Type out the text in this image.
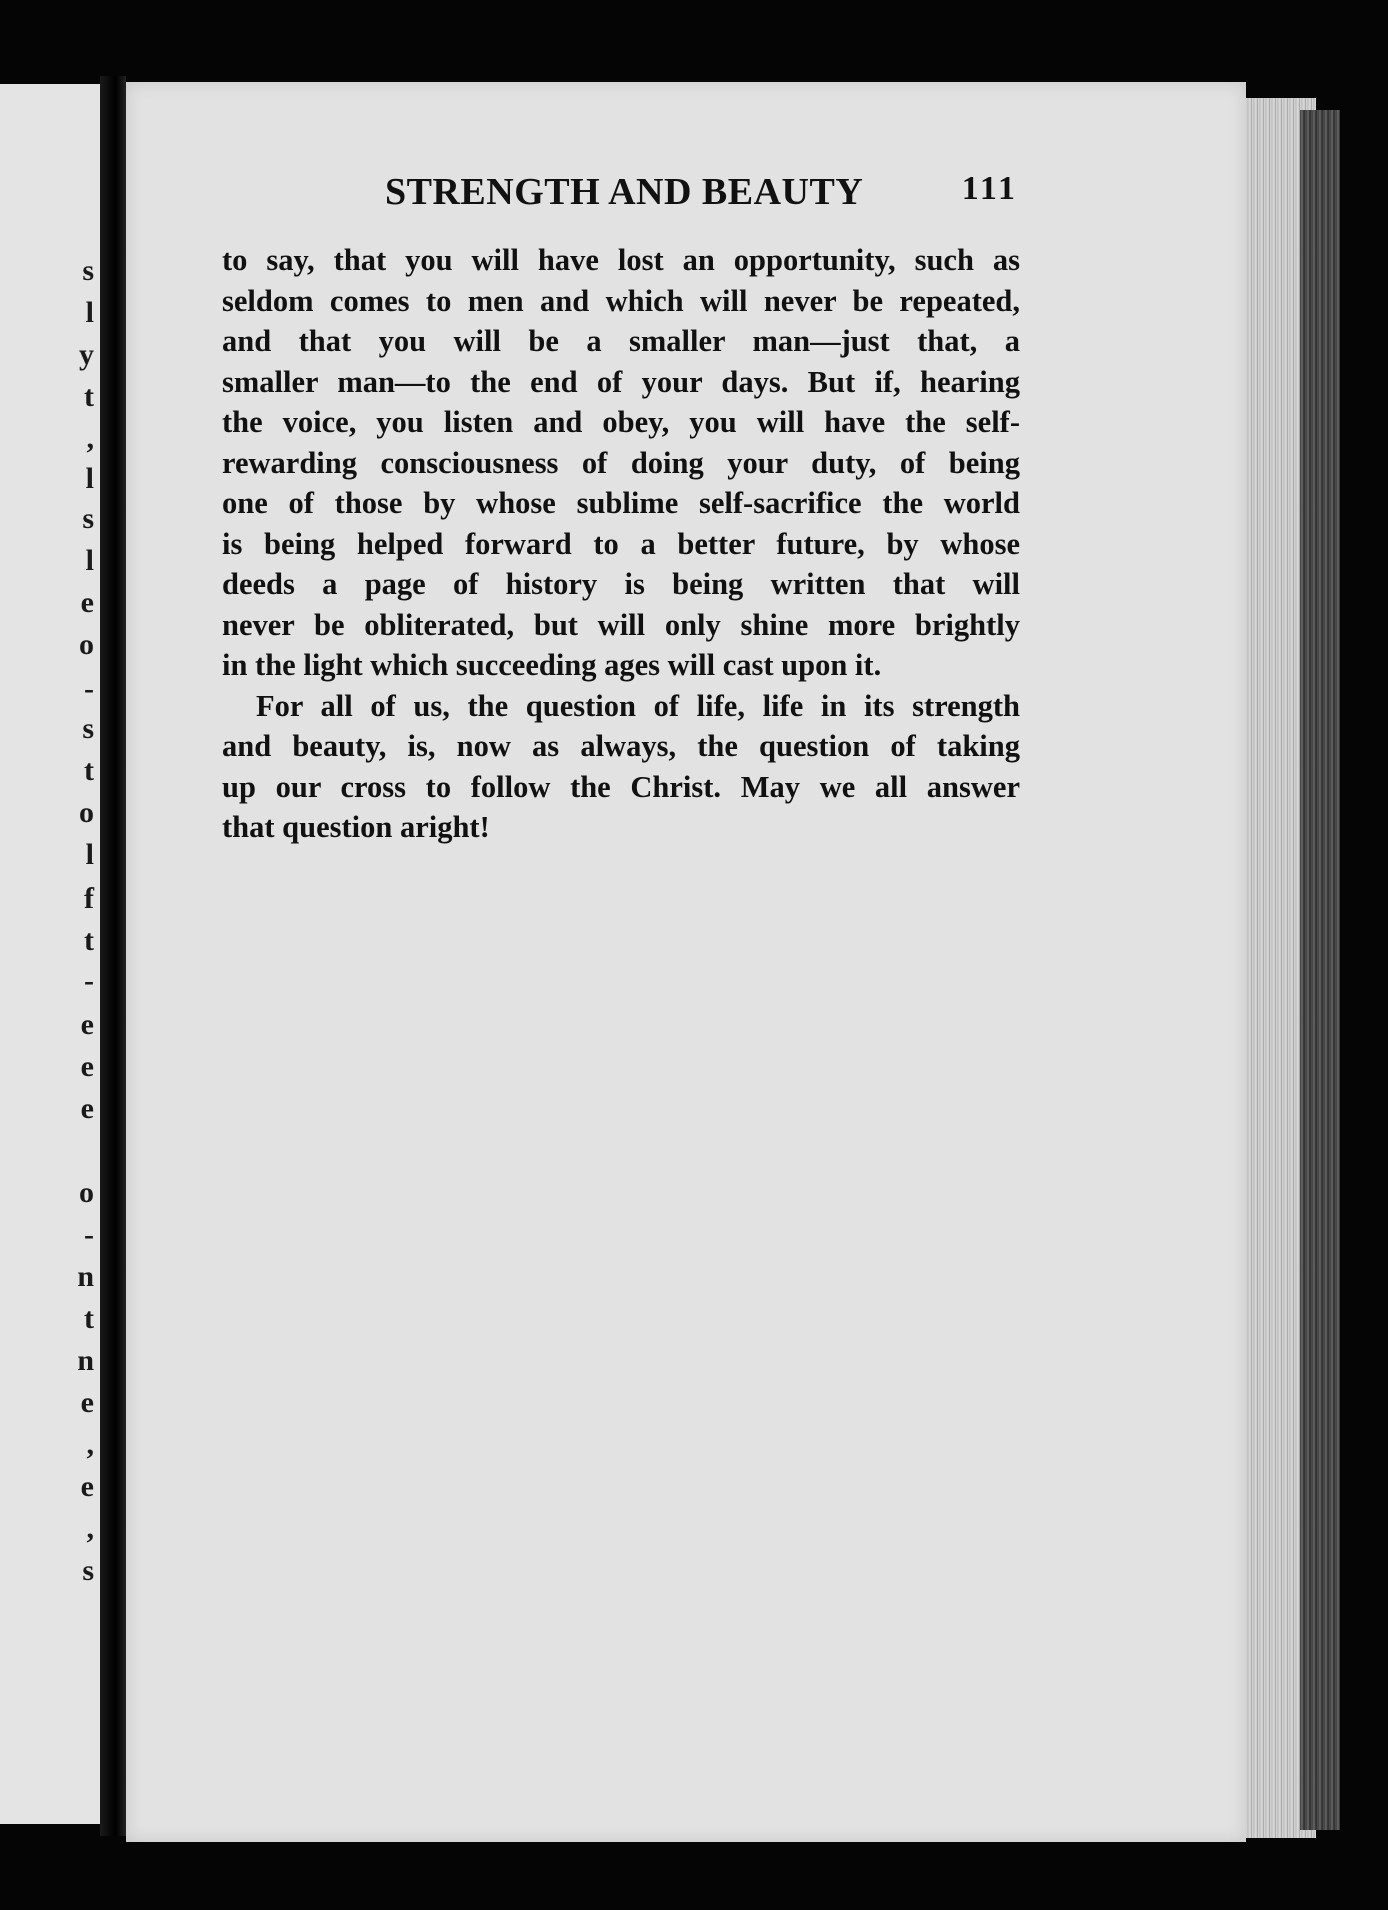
s
l
y
t
,
l
s
l
e
o
-
s
t
o
l
f
t
-
e
e
e
o
-
n
t
n
e
,
e
,
s
STRENGTH AND BEAUTY	111
to say, that you will have lost an opportunity, such as
seldom comes to men and which will never be repeated,
and that you will be a smaller man—just that, a
smaller man—to the end of your days. But if, hearing
the voice, you listen and obey, you will have the self-
rewarding consciousness of doing your duty, of being
one of those by whose sublime self-sacrifice the world
is being helped forward to a better future, by whose
deeds a page of history is being written that will
never be obliterated, but will only shine more brightly
in the light which succeeding ages will cast upon it.
For all of us, the question of life, life in its strength
and beauty, is, now as always, the question of taking
up our cross to follow the Christ. May we all answer
that question aright!
